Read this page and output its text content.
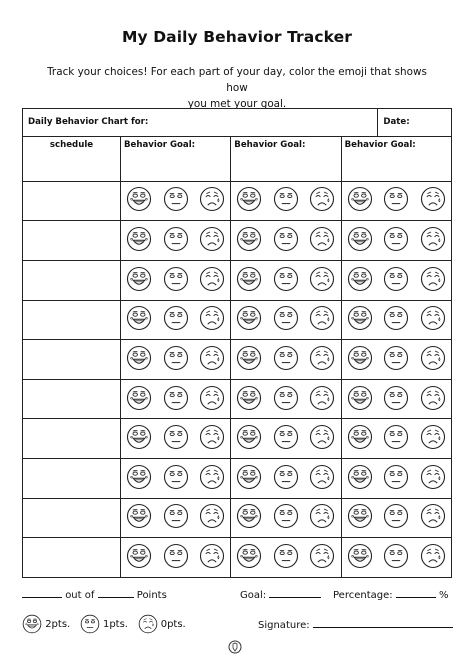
My Daily Behavior Tracker
Track your choices! For each part of your day, color the emoji that shows how
you met your goal.
Daily Behavior Chart for:								Date:	
schedule	Behavior Goal:			Behavior Goal:			Behavior Goal:		

out of	Points	Goal:	Percentage:	%
2pts.	1pts.	0pts.	Signature:
